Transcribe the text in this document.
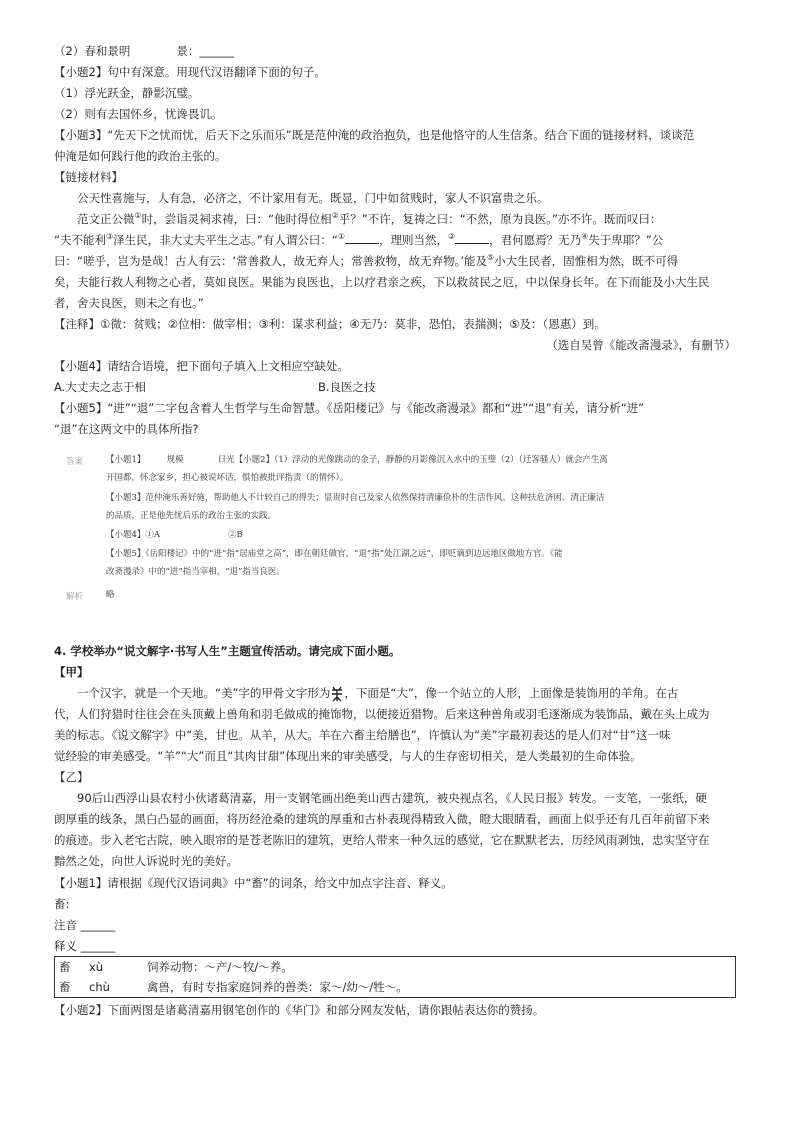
（2）春和景明　　　　景：______
【小题2】句中有深意。用现代汉语翻译下面的句子。
（1）浮光跃金，静影沉璧。
（2）则有去国怀乡，忧谗畏讥。
【小题3】“先天下之忧而忧，后天下之乐而乐”既是范仲淹的政治抱负，也是他恪守的人生信条。结合下面的链接材料，谈谈范
仲淹是如何践行他的政治主张的。
【链接材料】
公天性喜施与，人有急，必济之，不计家用有无。既显，门中如贫贱时，家人不识富贵之乐。
范文正公微①时，尝诣灵祠求祷，曰：“他时得位相②乎？”不许，复祷之曰：“不然，原为良医。”亦不许。既而叹曰：
“夫不能利③泽生民，非大丈夫平生之志。”有人谓公曰：“①	，理则当然，②	，君何愿焉？无乃④失于卑耶？”公
曰：“嗟乎，岂为是哉！古人有云：‘常善救人，故无弃人；常善救物，故无弃物。’能及⑤小大生民者，固惟相为然，既不可得
矣，夫能行救人利物之心者，莫如良医。果能为良医也，上以疗君亲之疾，下以救贫民之厄，中以保身长年。在下而能及小大生民
者，舍夫良医，则未之有也。”
【注释】①微：贫贱；②位相：做宰相；③利：谋求利益；④无乃：莫非，恐怕，表揣测；⑤及：（恩惠）到。
（选自吴曾《能改斋漫录》，有删节）
【小题4】请结合语境，把下面句子填入上文相应空缺处。
A.大丈夫之志于相	B.良医之技
【小题5】“进”“退”二字包含着人生哲学与生命智慧。《岳阳楼记》与《能改斋漫录》都和“进”“退”有关，请分析“进”
“退”在这两文中的具体所指?
答案	【小题1】　　　规模　　　　日光【小题2】（1）浮动的光像跳动的金子，静静的月影像沉入水中的玉璧（2）（迁客骚人）就会产生离
开国都，怀念家乡，担心被说坏话，惧怕被批评指责（的情怀）。
【小题3】范仲淹乐善好施，帮助他人不计较自己的得失；显贵时自己及家人依然保持清廉俭朴的生活作风。这种扶危济困、清正廉洁
的品质，正是他先忧后乐的政治主张的实践。
【小题4】①A　　　　　　　　②B
【小题5】《岳阳楼记》中的“进”指“居庙堂之高”，即在朝廷做官，“退”指“处江湖之远”，即贬谪到边远地区做地方官。《能
改斋漫录》中的“进”指当宰相，“退”指当良医。
解析	略
4. 学校举办“说文解字·书写人生”主题宣传活动。请完成下面小题。
【甲】
一个汉字，就是一个天地。“美”字的甲骨文字形为 ，下面是“大”，像一个站立的人形，上面像是装饰用的羊角。在古
代，人们狩猎时往往会在头顶戴上兽角和羽毛做成的掩饰物，以便接近猎物。后来这种兽角或羽毛逐渐成为装饰品，戴在头上成为
美的标志。《说文解字》中“美，甘也。从羊，从大。羊在六畜主给膳也”，许慎认为“美”字最初表达的是人们对“甘”这一味
觉经验的审美感受。“羊”“大”而且“其肉甘甜”体现出来的审美感受，与人的生存密切相关，是人类最初的生命体验。
【乙】
90后山西浮山县农村小伙诸葛清嘉，用一支钢笔画出绝美山西古建筑，被央视点名，《人民日报》转发。一支笔，一张纸，硬
朗厚重的线条，黑白凸显的画面，将历经沧桑的建筑的厚重和古朴表现得精致入微，瞪大眼睛看，画面上似乎还有几百年前留下来
的痕迹。步入老宅古院，映入眼帘的是苍老陈旧的建筑，更给人带来一种久远的感觉，它在默默老去，历经风雨剥蚀，忠实坚守在
黯然之处，向世人诉说时光的美好。
【小题1】请根据《现代汉语词典》中“畜”的词条，给文中加点字注音、释义。
畜:
注音 ______
释义 ______
畜	xù	饲养动物：～产/～牧/～养。
畜	chù	禽兽，有时专指家庭饲养的兽类：家～/幼～/牲～。
【小题2】下面两图是诸葛清嘉用钢笔创作的《华门》和部分网友发帖，请你跟帖表达你的赞扬。
